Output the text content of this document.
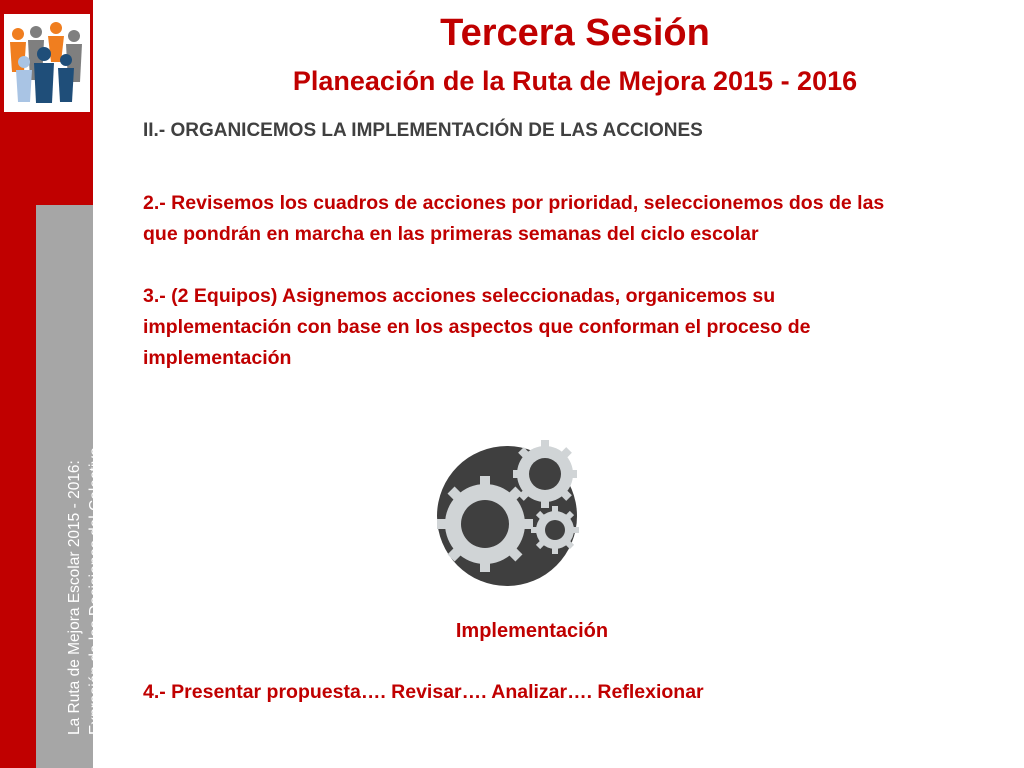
La Ruta de Mejora Escolar 2015 - 2016: Expresión de las Decisiones del Colectivo
Tercera Sesión
Planeación de la Ruta de Mejora 2015 - 2016
II.- ORGANICEMOS LA IMPLEMENTACIÓN DE LAS ACCIONES
2.- Revisemos los cuadros de acciones por prioridad, seleccionemos dos de las que pondrán en marcha en las primeras semanas del ciclo escolar
3.- (2 Equipos) Asignemos acciones seleccionadas, organicemos su implementación con base en los aspectos que conforman el proceso de implementación
Implementación
4.- Presentar propuesta…. Revisar…. Analizar…. Reflexionar
